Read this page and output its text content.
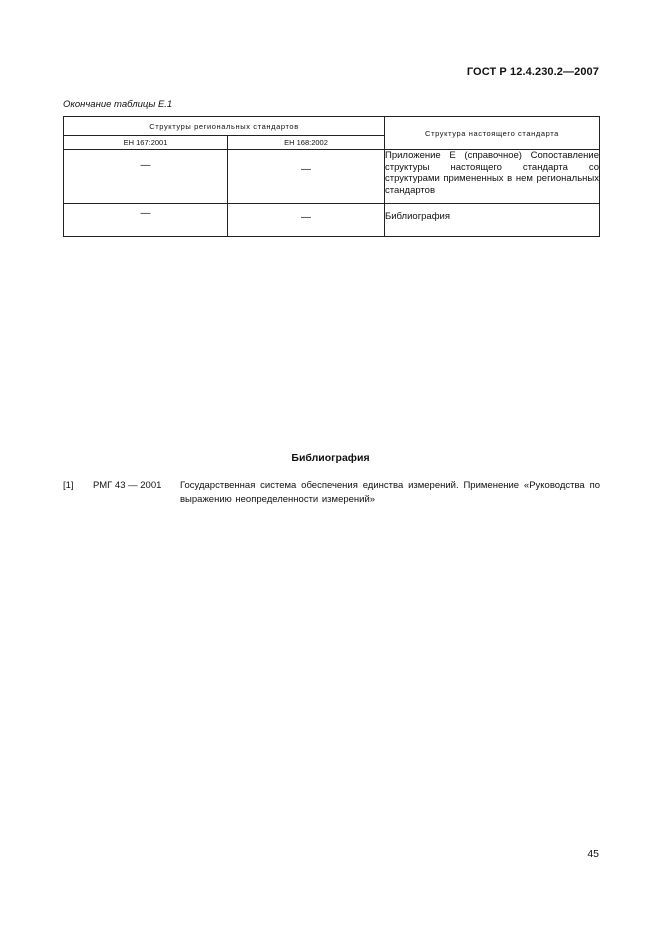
ГОСТ Р 12.4.230.2—2007
Окончание таблицы Е.1
Структуры региональных стандартов		Структура настоящего стандарта
ЕН 167:2001	ЕН 168:2002	
—	—	Приложение Е (справочное) Сопоставление структуры настоящего стандарта со структурами примененных в нем региональных стандартов
—	—	Библиография
Библиография
[1] РМГ 43 — 2001 Государственная система обеспечения единства измерений. Применение «Руководства по выражению неопределенности измерений»
45
